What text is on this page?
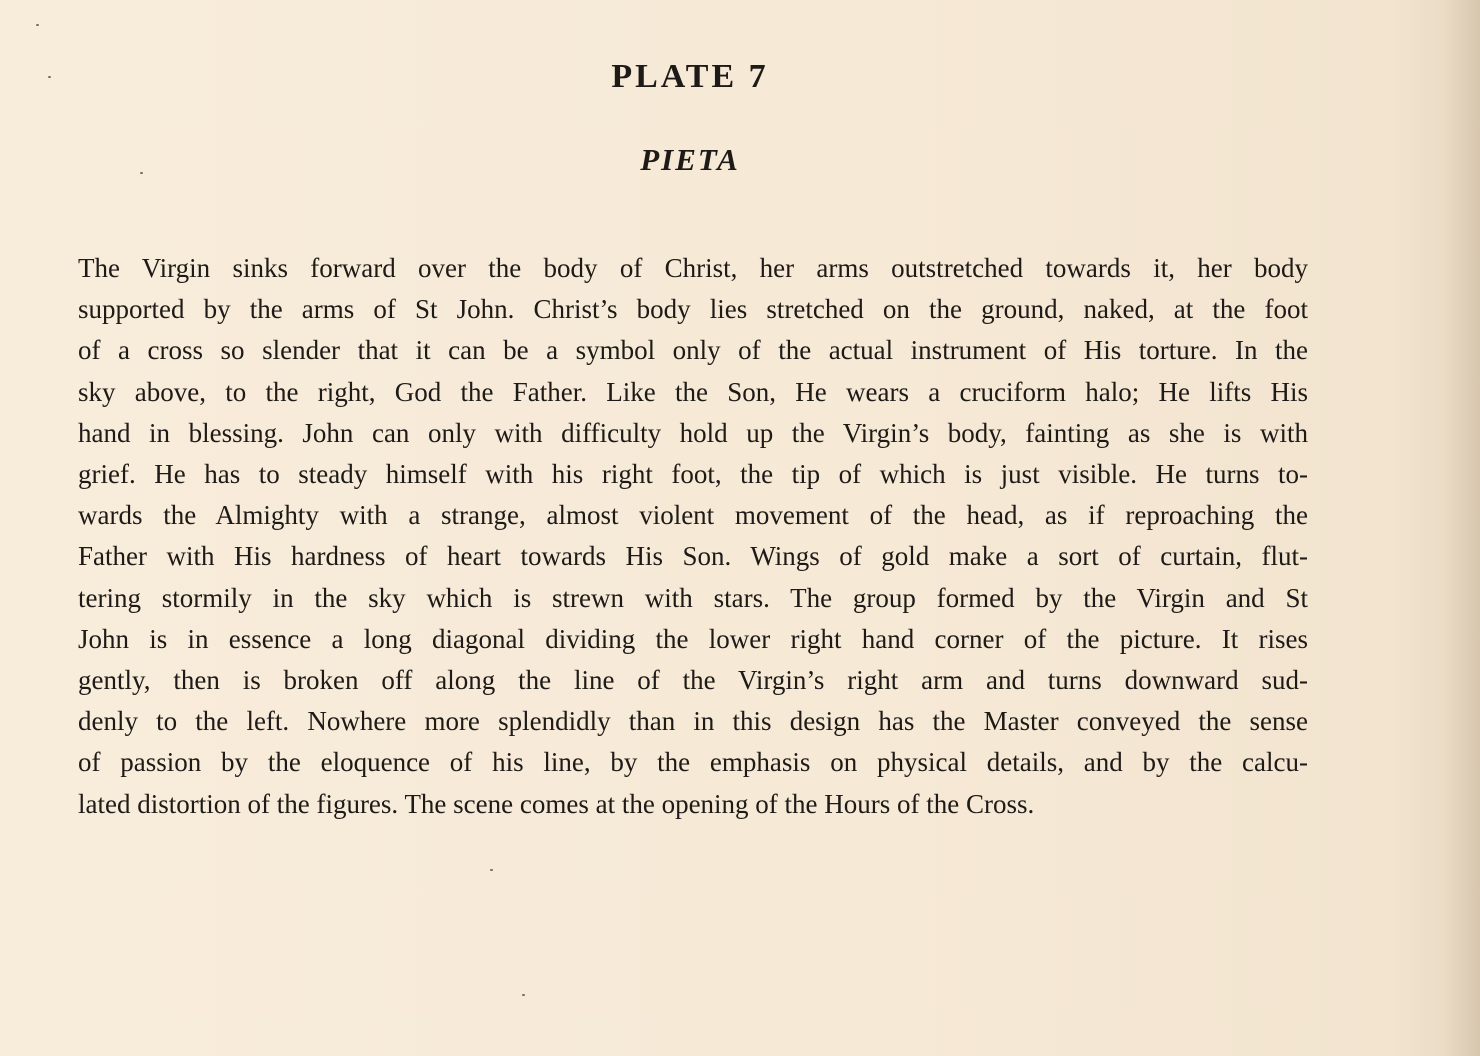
PLATE 7
PIETA
The Virgin sinks forward over the body of Christ, her arms outstretched towards it, her body
supported by the arms of St John. Christ’s body lies stretched on the ground, naked, at the foot
of a cross so slender that it can be a symbol only of the actual instrument of His torture. In the
sky above, to the right, God the Father. Like the Son, He wears a cruciform halo; He lifts His
hand in blessing. John can only with difficulty hold up the Virgin’s body, fainting as she is with
grief. He has to steady himself with his right foot, the tip of which is just visible. He turns to‐
wards the Almighty with a strange, almost violent movement of the head, as if reproaching the
Father with His hardness of heart towards His Son. Wings of gold make a sort of curtain, flut‐
tering stormily in the sky which is strewn with stars. The group formed by the Virgin and St
John is in essence a long diagonal dividing the lower right hand corner of the picture. It rises
gently, then is broken off along the line of the Virgin’s right arm and turns downward sud‐
denly to the left. Nowhere more splendidly than in this design has the Master conveyed the sense
of passion by the eloquence of his line, by the emphasis on physical details, and by the calcu‐
lated distortion of the figures. The scene comes at the opening of the Hours of the Cross.
